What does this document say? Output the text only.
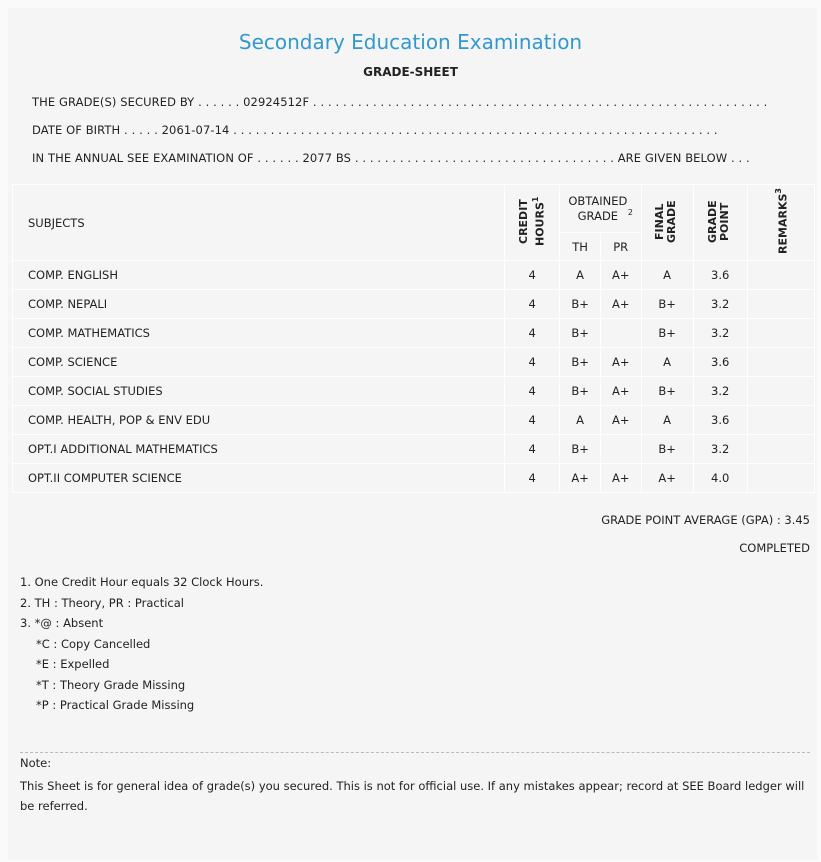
Secondary Education Examination
GRADE-SHEET
THE GRADE(S) SECURED BY . . . . . . 02924512F . . . . . . . . . . . . . . . . . . . . . . . . . . . . . . . . . . . . . . . . . . . . . . . . . . . . . . . . . . . . .
DATE OF BIRTH . . . . . 2061-07-14 . . . . . . . . . . . . . . . . . . . . . . . . . . . . . . . . . . . . . . . . . . . . . . . . . . . . . . . . . . . . . . . . .
IN THE ANNUAL SEE EXAMINATION OF . . . . . . 2077 BS . . . . . . . . . . . . . . . . . . . . . . . . . . . . . . . . . . . ARE GIVEN BELOW . . .
SUBJECTS	CREDIT HOURS$^1$	OBTAINED GRADE $^2$		FINAL GRADE	GRADE POINT	REMARKS$^3$
		TH	PR			
COMP. ENGLISH	4	A	A+	A	3.6	
COMP. NEPALI	4	B+	A+	B+	3.2	
COMP. MATHEMATICS	4	B+		B+	3.2	
COMP. SCIENCE	4	B+	A+	A	3.6	
COMP. SOCIAL STUDIES	4	B+	A+	B+	3.2	
COMP. HEALTH, POP & ENV EDU	4	A	A+	A	3.6	
OPT.I ADDITIONAL MATHEMATICS	4	B+		B+	3.2	
OPT.II COMPUTER SCIENCE	4	A+	A+	A+	4.0	
GRADE POINT AVERAGE (GPA) : 3.45
COMPLETED
1. One Credit Hour equals 32 Clock Hours.
2. TH : Theory, PR : Practical
3. *@ : Absent
*C : Copy Cancelled
*E : Expelled
*T : Theory Grade Missing
*P : Practical Grade Missing
Note:
This Sheet is for general idea of grade(s) you secured. This is not for official use. If any mistakes appear; record at SEE Board ledger will be referred.
